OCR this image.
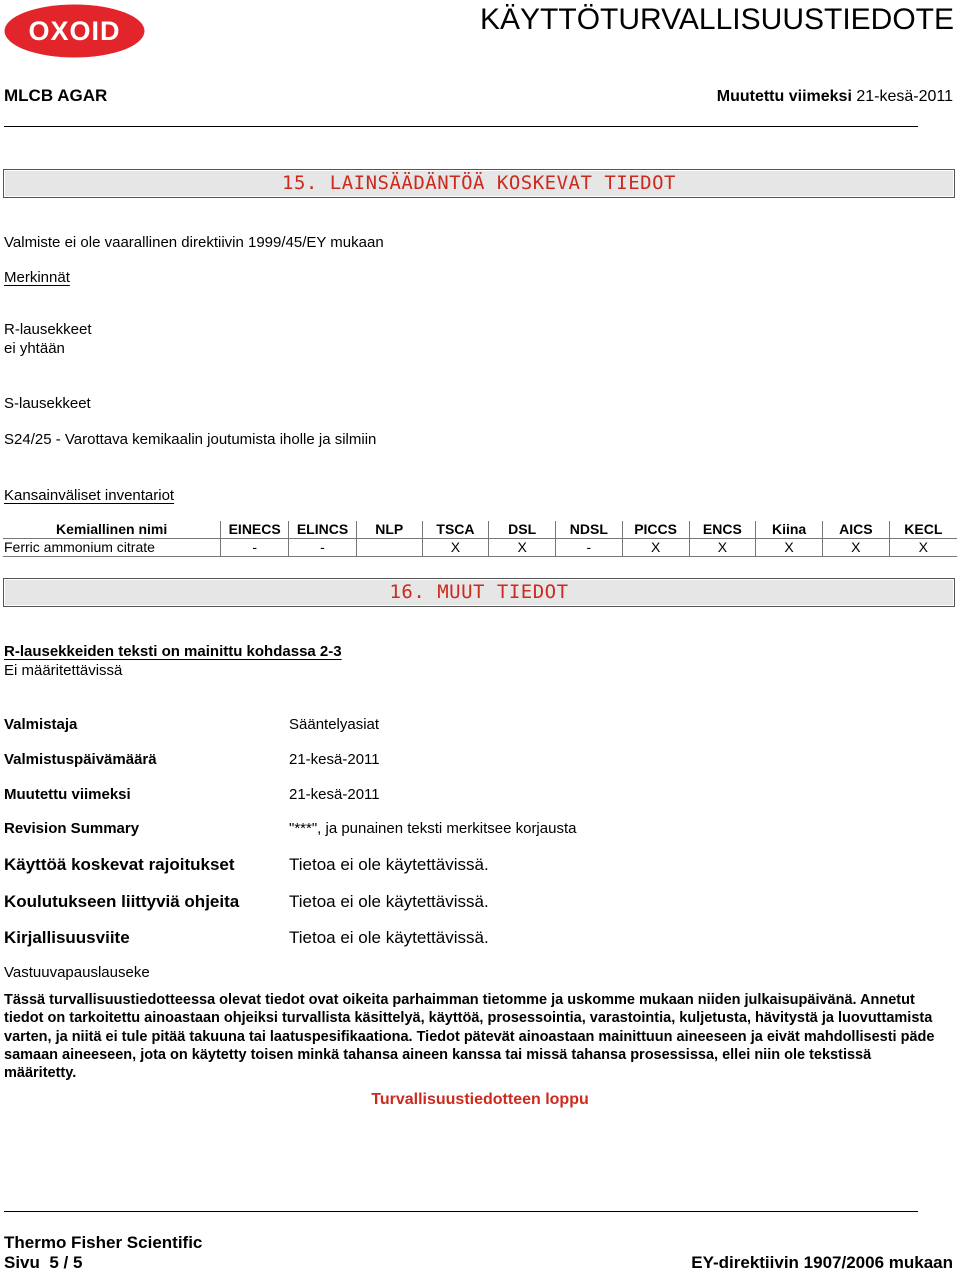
OXOID	KÄYTTÖTURVALLISUUSTIEDOTE
MLCB AGAR	Muutettu viimeksi 21-kesä-2011
15. LAINSÄÄDÄNTÖÄ KOSKEVAT TIEDOT
Valmiste ei ole vaarallinen direktiivin 1999/45/EY mukaan
Merkinnät
R-lausekkeet
ei yhtään
S-lausekkeet
S24/25 - Varottava kemikaalin joutumista iholle ja silmiin
Kansainväliset inventariot
Kemiallinen nimi	EINECS	ELINCS	NLP	TSCA	DSL	NDSL	PICCS	ENCS	Kiina	AICS	KECL
Ferric ammonium citrate	-	-		X	X	-	X	X	X	X	X
16. MUUT TIEDOT
R-lausekkeiden teksti on mainittu kohdassa 2-3
Ei määritettävissä
Valmistaja	Sääntelyasiat
Valmistuspäivämäärä	21-kesä-2011
Muutettu viimeksi	21-kesä-2011
Revision Summary	"***", ja punainen teksti merkitsee korjausta
Käyttöä koskevat rajoitukset	Tietoa ei ole käytettävissä.
Koulutukseen liittyviä ohjeita	Tietoa ei ole käytettävissä.
Kirjallisuusviite	Tietoa ei ole käytettävissä.
Vastuuvapauslauseke
Tässä turvallisuustiedotteessa olevat tiedot ovat oikeita parhaimman tietomme ja uskomme mukaan niiden julkaisupäivänä. Annetut tiedot on tarkoitettu ainoastaan ohjeiksi turvallista käsittelyä, käyttöä, prosessointia, varastointia, kuljetusta, hävitystä ja luovuttamista varten, ja niitä ei tule pitää takuuna tai laatuspesifikaationa. Tiedot pätevät ainoastaan mainittuun aineeseen ja eivät mahdollisesti päde samaan aineeseen, jota on käytetty toisen minkä tahansa aineen kanssa tai missä tahansa prosessissa, ellei niin ole tekstissä määritetty.
Turvallisuustiedotteen loppu
Thermo Fisher Scientific
Sivu  5 / 5	EY-direktiivin 1907/2006 mukaan
